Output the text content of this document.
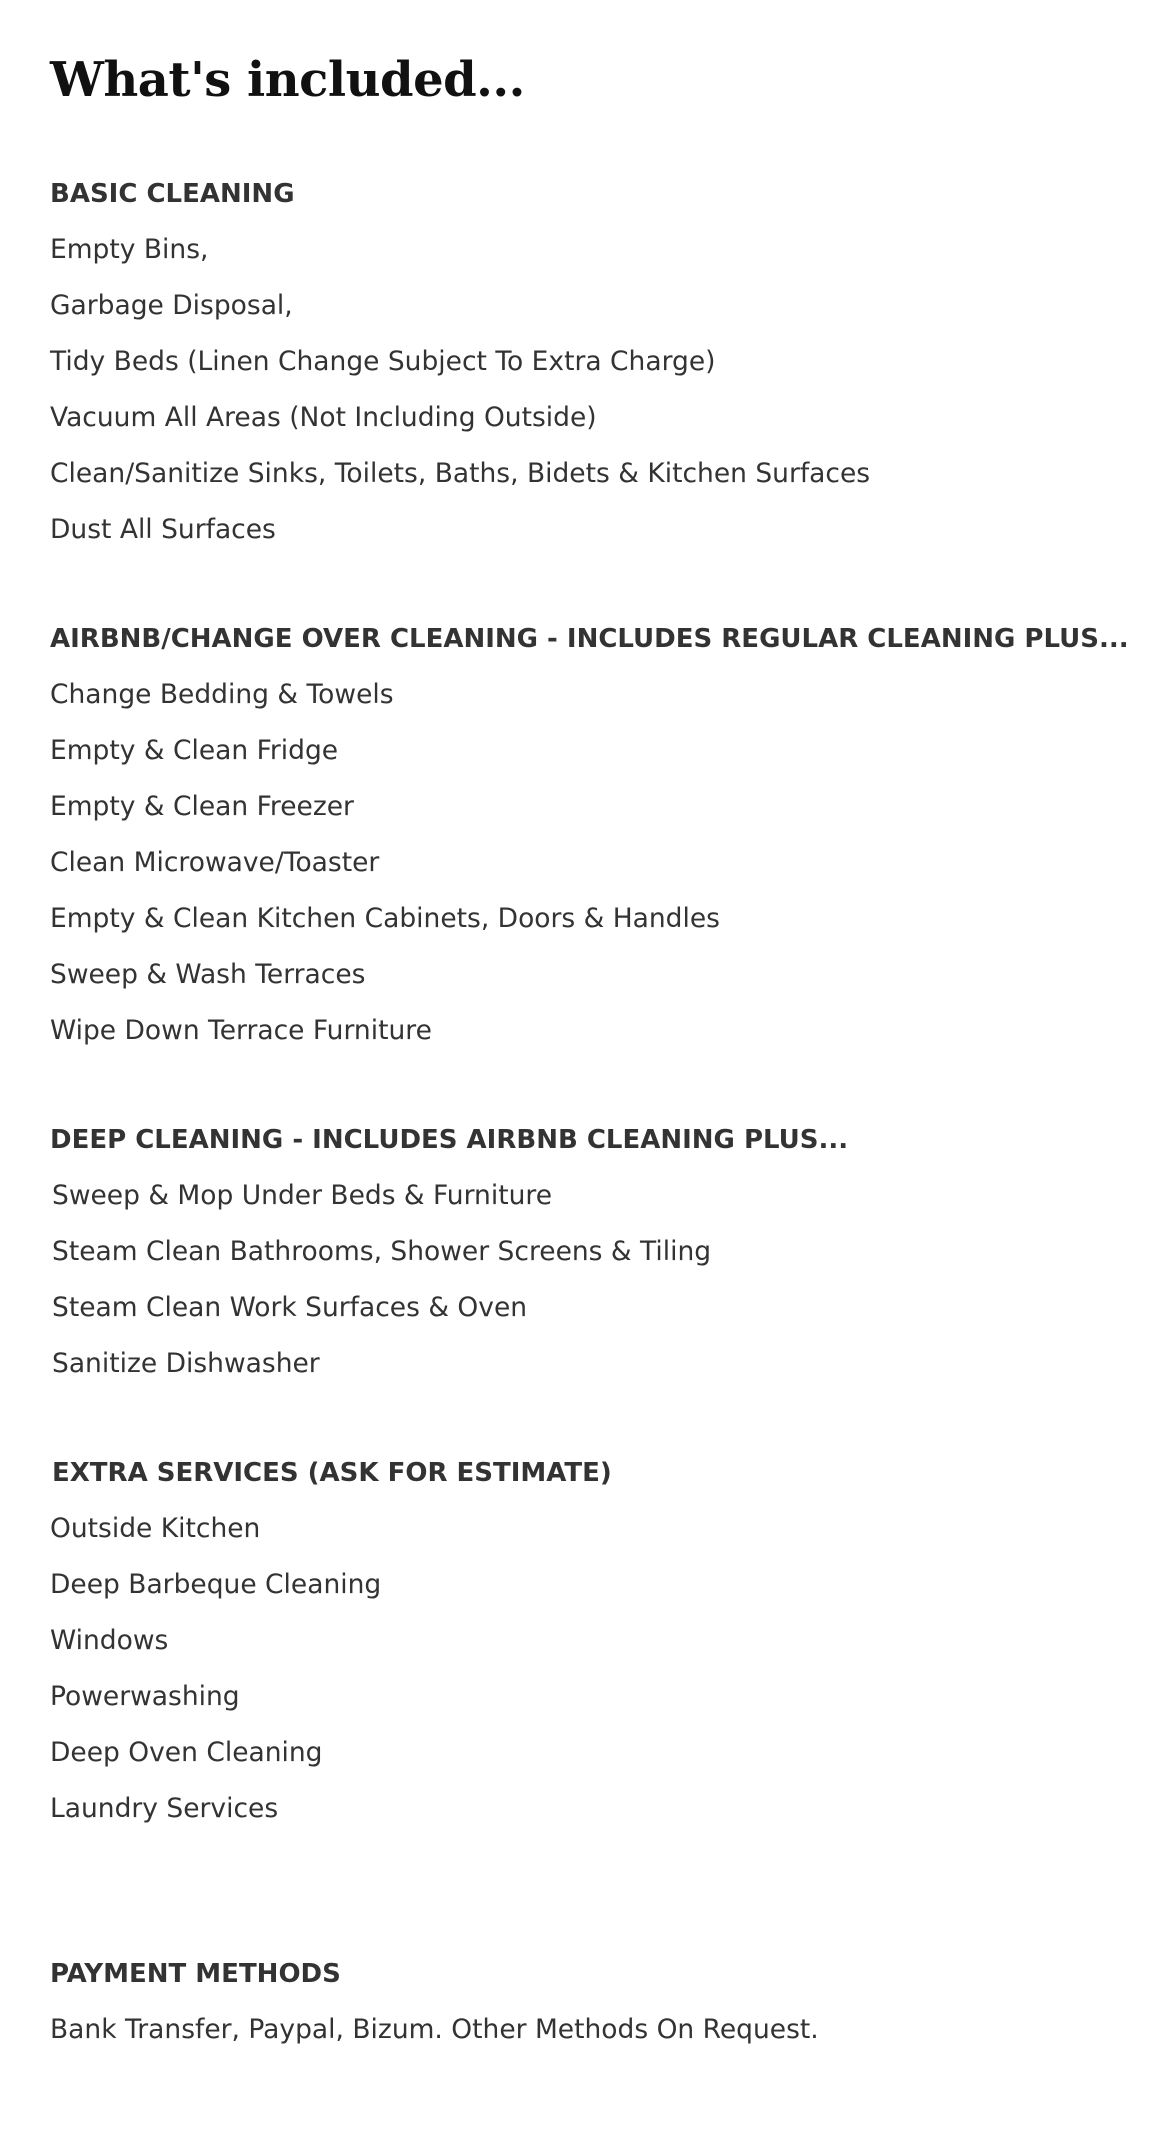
What's included...
BASIC CLEANING
Empty Bins,
Garbage Disposal,
Tidy Beds (Linen Change Subject To Extra Charge)
Vacuum All Areas (Not Including Outside)
Clean/Sanitize Sinks, Toilets, Baths, Bidets & Kitchen Surfaces
Dust All Surfaces
AIRBNB/CHANGE OVER CLEANING - INCLUDES REGULAR CLEANING PLUS...
Change Bedding & Towels
Empty & Clean Fridge
Empty & Clean Freezer
Clean Microwave/Toaster
Empty & Clean Kitchen Cabinets, Doors & Handles
Sweep & Wash Terraces
Wipe Down Terrace Furniture
DEEP CLEANING - INCLUDES AIRBNB CLEANING PLUS...
Sweep & Mop Under Beds & Furniture
Steam Clean Bathrooms, Shower Screens & Tiling
Steam Clean Work Surfaces & Oven
Sanitize Dishwasher
EXTRA SERVICES (ASK FOR ESTIMATE)
Outside Kitchen
Deep Barbeque Cleaning
Windows
Powerwashing
Deep Oven Cleaning
Laundry Services
PAYMENT METHODS
Bank Transfer, Paypal, Bizum. Other Methods On Request.
